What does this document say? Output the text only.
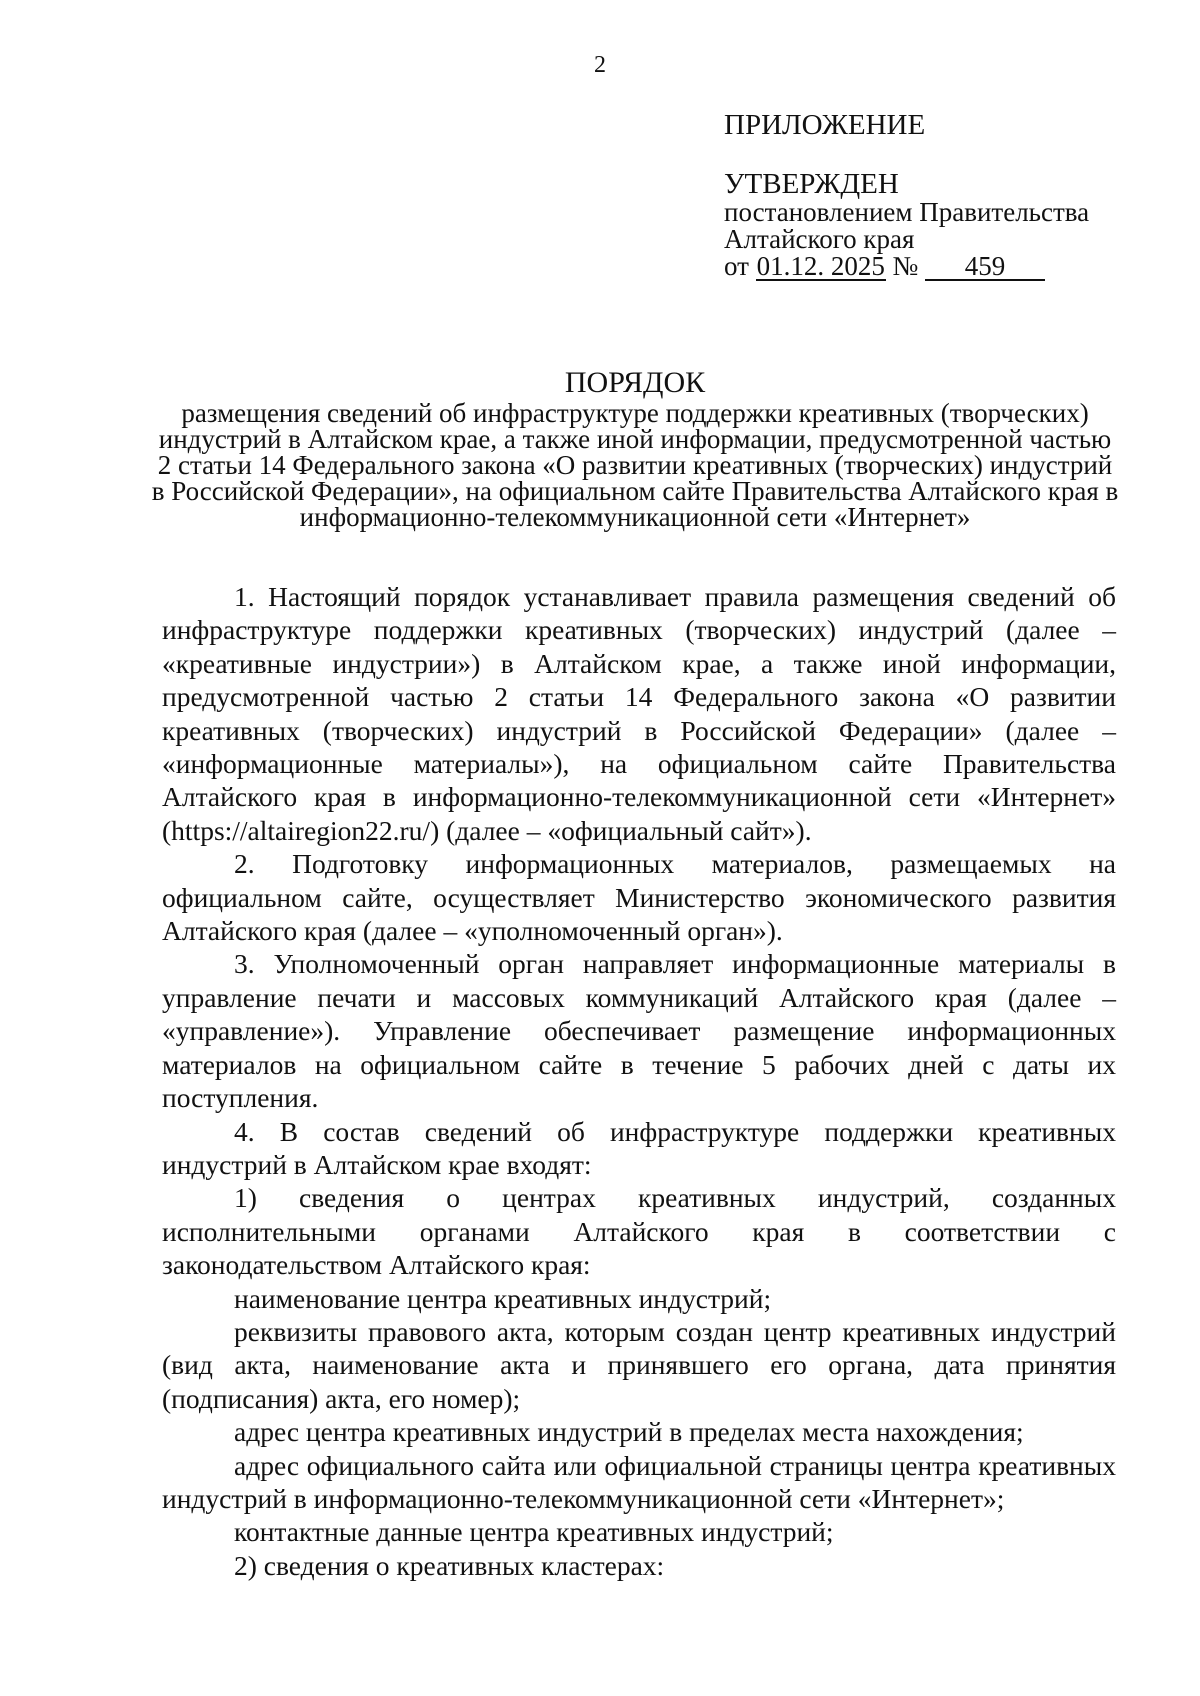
2
ПРИЛОЖЕНИЕ
УТВЕРЖДЕН
постановлением Правительства
Алтайского края
от 01.12. 2025 № 459
ПОРЯДОК
размещения сведений об инфраструктуре поддержки креативных (творческих) индустрий в Алтайском крае, а также иной информации, предусмотренной частью 2 статьи 14 Федерального закона «О развитии креативных (творческих) индустрий в Российской Федерации», на официальном сайте Правительства Алтайского края в информационно-телекоммуникационной сети «Интернет»

1. Настоящий порядок устанавливает правила размещения сведений об инфраструктуре поддержки креативных (творческих) индустрий (далее – «креативные индустрии») в Алтайском крае, а также иной информации, предусмотренной частью 2 статьи 14 Федерального закона «О развитии креативных (творческих) индустрий в Российской Федерации» (далее – «информационные материалы»), на официальном сайте Правительства Алтайского края в информационно-телекоммуникационной сети «Интернет» (https://altairegion22.ru/) (далее – «официальный сайт»).

2. Подготовку информационных материалов, размещаемых на официальном сайте, осуществляет Министерство экономического развития Алтайского края (далее – «уполномоченный орган»).

3. Уполномоченный орган направляет информационные материалы в управление печати и массовых коммуникаций Алтайского края (далее – «управление»). Управление обеспечивает размещение информационных материалов на официальном сайте в течение 5 рабочих дней с даты их поступления.

4. В состав сведений об инфраструктуре поддержки креативных индустрий в Алтайском крае входят:

1) сведения о центрах креативных индустрий, созданных исполнительными органами Алтайского края в соответствии с законодательством Алтайского края:

наименование центра креативных индустрий;

реквизиты правового акта, которым создан центр креативных индустрий (вид акта, наименование акта и принявшего его органа, дата принятия (подписания) акта, его номер);

адрес центра креативных индустрий в пределах места нахождения;

адрес официального сайта или официальной страницы центра креативных индустрий в информационно-телекоммуникационной сети «Интернет»;

контактные данные центра креативных индустрий;

2) сведения о креативных кластерах:
